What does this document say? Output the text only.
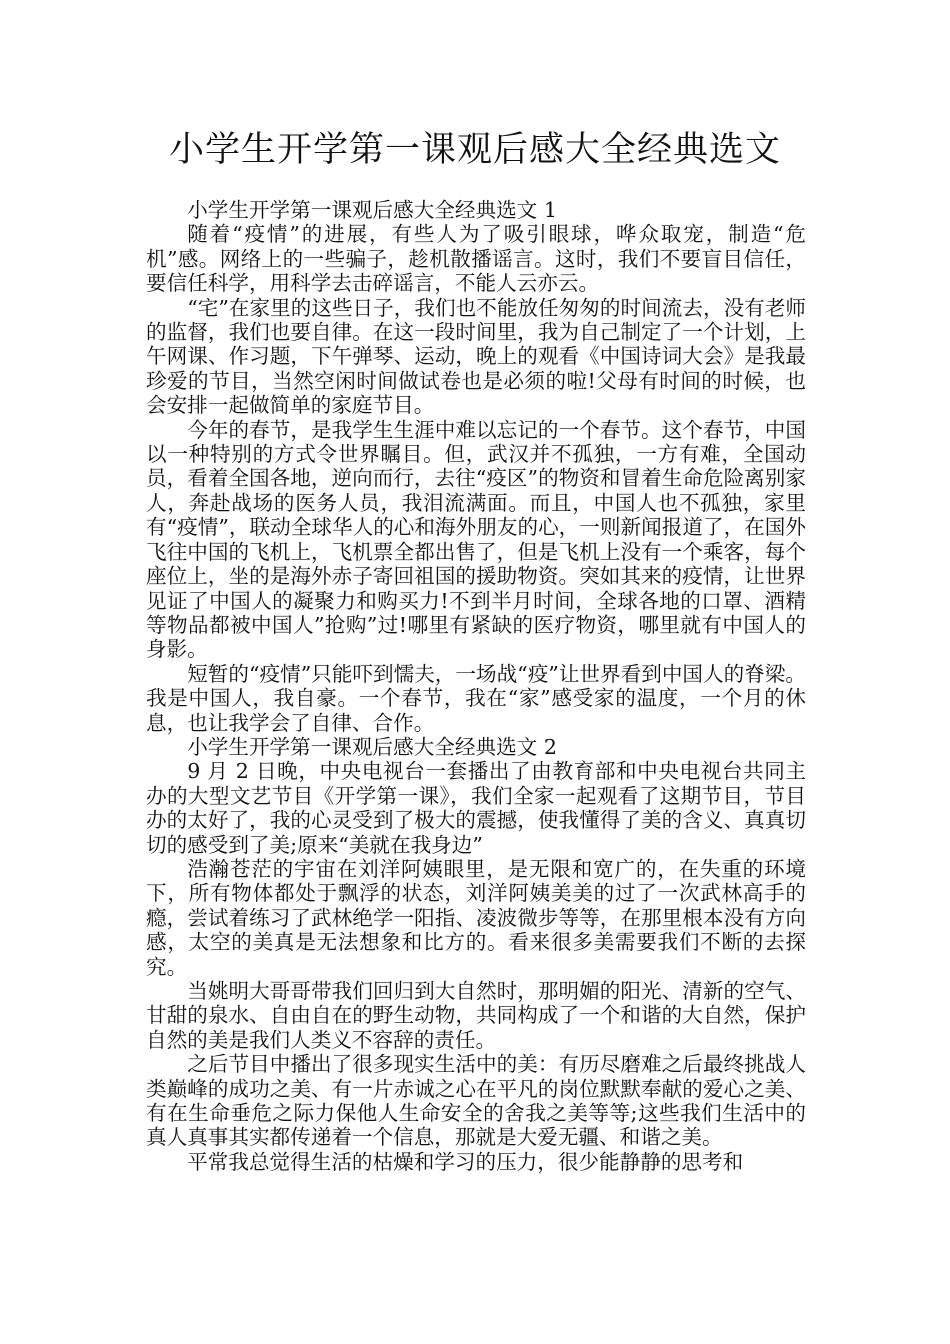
小学生开学第一课观后感大全经典选文

小学生开学第一课观后感大全经典选文 1

随着“疫情”的进展，有些人为了吸引眼球，哗众取宠，制造“危机”感。网络上的一些骗子，趁机散播谣言。这时，我们不要盲目信任，要信任科学，用科学去击碎谣言，不能人云亦云。

“宅”在家里的这些日子，我们也不能放任匆匆的时间流去，没有老师的监督，我们也要自律。在这一段时间里，我为自己制定了一个计划，上午网课、作习题，下午弹琴、运动，晚上的观看《中国诗词大会》是我最珍爱的节目，当然空闲时间做试卷也是必须的啦!父母有时间的时候，也会安排一起做简单的家庭节目。

今年的春节，是我学生生涯中难以忘记的一个春节。这个春节，中国以一种特别的方式令世界瞩目。但，武汉并不孤独，一方有难，全国动员，看着全国各地，逆向而行，去往“疫区”的物资和冒着生命危险离别家人，奔赴战场的医务人员，我泪流满面。而且，中国人也不孤独，家里有“疫情”，联动全球华人的心和海外朋友的心，一则新闻报道了，在国外飞往中国的飞机上，飞机票全都出售了，但是飞机上没有一个乘客，每个座位上，坐的是海外赤子寄回祖国的援助物资。突如其来的疫情，让世界见证了中国人的凝聚力和购买力!不到半月时间，全球各地的口罩、酒精等物品都被中国人”抢购”过!哪里有紧缺的医疗物资，哪里就有中国人的身影。

短暂的“疫情”只能吓到懦夫，一场战“疫”让世界看到中国人的脊梁。我是中国人，我自豪。一个春节，我在“家”感受家的温度，一个月的休息，也让我学会了自律、合作。

小学生开学第一课观后感大全经典选文 2

9 月 2 日晚，中央电视台一套播出了由教育部和中央电视台共同主办的大型文艺节目《开学第一课》，我们全家一起观看了这期节目，节目办的太好了，我的心灵受到了极大的震撼，使我懂得了美的含义、真真切切的感受到了美;原来“美就在我身边”

浩瀚苍茫的宇宙在刘洋阿姨眼里，是无限和宽广的，在失重的环境下，所有物体都处于飘浮的状态，刘洋阿姨美美的过了一次武林高手的瘾，尝试着练习了武林绝学一阳指、凌波微步等等，在那里根本没有方向感，太空的美真是无法想象和比方的。看来很多美需要我们不断的去探究。

当姚明大哥哥带我们回归到大自然时，那明媚的阳光、清新的空气、甘甜的泉水、自由自在的野生动物，共同构成了一个和谐的大自然，保护自然的美是我们人类义不容辞的责任。

之后节目中播出了很多现实生活中的美：有历尽磨难之后最终挑战人类巅峰的成功之美、有一片赤诚之心在平凡的岗位默默奉献的爱心之美、有在生命垂危之际力保他人生命安全的舍我之美等等;这些我们生活中的真人真事其实都传递着一个信息，那就是大爱无疆、和谐之美。

平常我总觉得生活的枯燥和学习的压力，很少能静静的思考和
